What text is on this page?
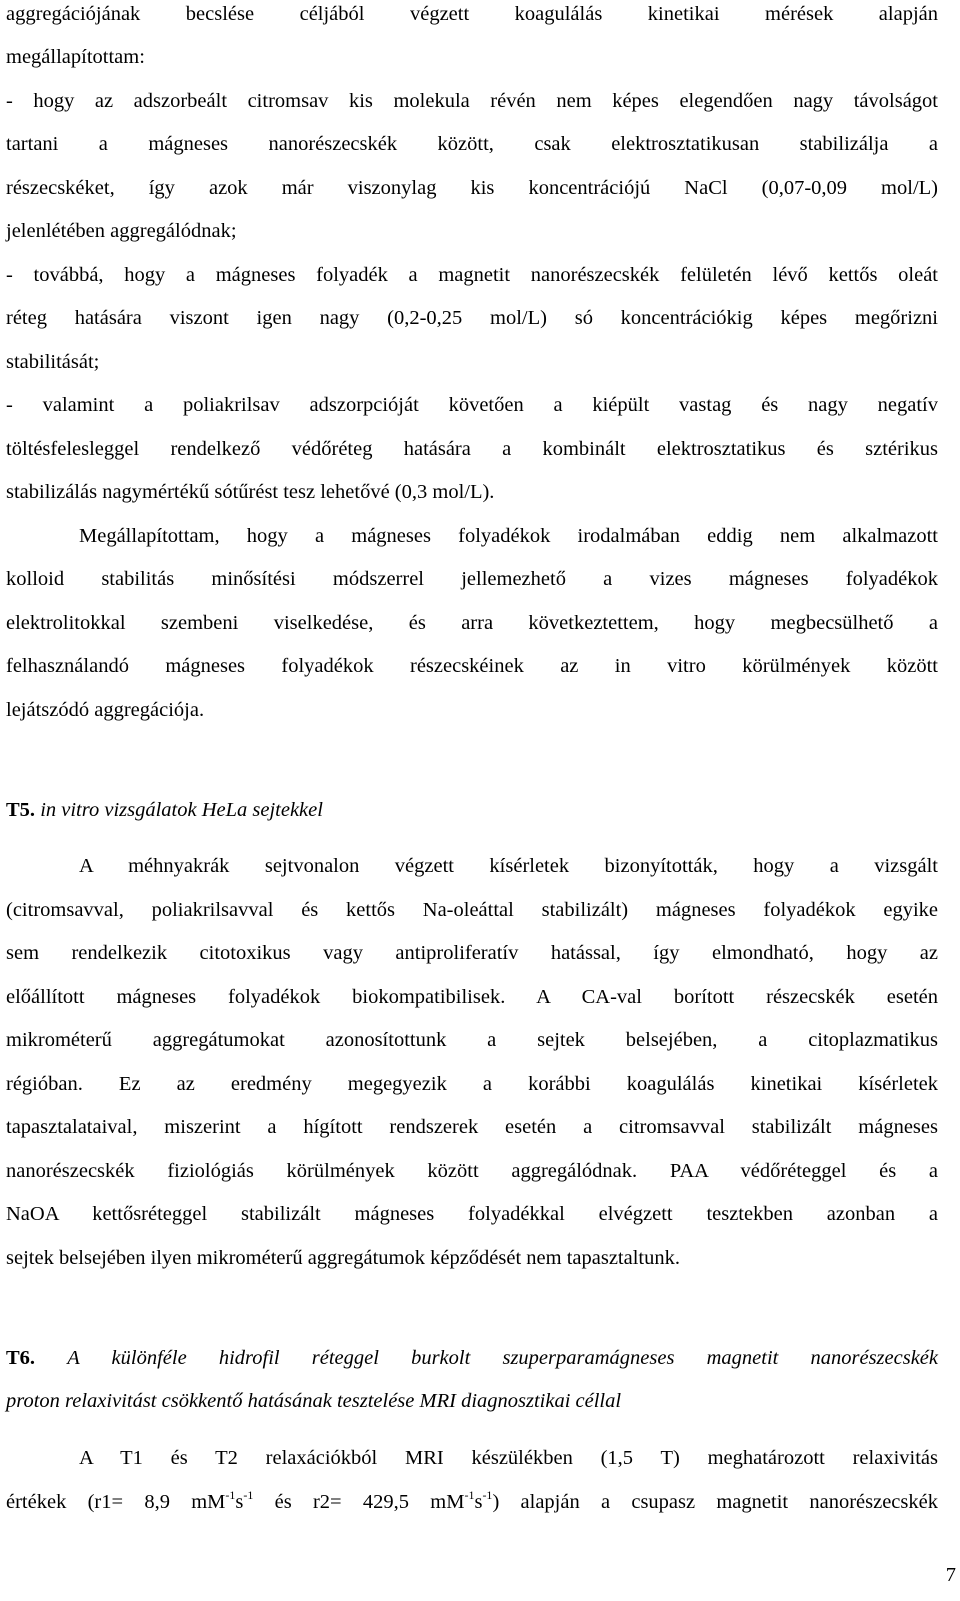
aggregációjának becslése céljából végzett koagulálás kinetikai mérések alapján
megállapítottam:
- hogy az adszorbeált citromsav kis molekula révén nem képes elegendően nagy távolságot
tartani a mágneses nanorészecskék között, csak elektrosztatikusan stabilizálja a
részecskéket, így azok már viszonylag kis koncentrációjú NaCl (0,07-0,09 mol/L)
jelenlétében aggregálódnak;
- továbbá, hogy a mágneses folyadék a magnetit nanorészecskék felületén lévő kettős oleát
réteg hatására viszont igen nagy (0,2-0,25 mol/L) só koncentrációkig képes megőrizni
stabilitását;
- valamint a poliakrilsav adszorpcióját követően a kiépült vastag és nagy negatív
töltésfelesleggel rendelkező védőréteg hatására a kombinált elektrosztatikus és sztérikus
stabilizálás nagymértékű sótűrést tesz lehetővé (0,3 mol/L).
Megállapítottam, hogy a mágneses folyadékok irodalmában eddig nem alkalmazott
kolloid stabilitás minősítési módszerrel jellemezhető a vizes mágneses folyadékok
elektrolitokkal szembeni viselkedése, és arra következtettem, hogy megbecsülhető a
felhasználandó mágneses folyadékok részecskéinek az in vitro körülmények között
lejátszódó aggregációja.
T5. in vitro vizsgálatok HeLa sejtekkel
A méhnyakrák sejtvonalon végzett kísérletek bizonyították, hogy a vizsgált
(citromsavval, poliakrilsavval és kettős Na-oleáttal stabilizált) mágneses folyadékok egyike
sem rendelkezik citotoxikus vagy antiproliferatív hatással, így elmondható, hogy az
előállított mágneses folyadékok biokompatibilisek. A CA-val borított részecskék esetén
mikrométerű aggregátumokat azonosítottunk a sejtek belsejében, a citoplazmatikus
régióban. Ez az eredmény megegyezik a korábbi koagulálás kinetikai kísérletek
tapasztalataival, miszerint a hígított rendszerek esetén a citromsavval stabilizált mágneses
nanorészecskék fiziológiás körülmények között aggregálódnak. PAA védőréteggel és a
NaOA kettősréteggel stabilizált mágneses folyadékkal elvégzett tesztekben azonban a
sejtek belsejében ilyen mikrométerű aggregátumok képződését nem tapasztaltunk.
T6. A különféle hidrofil réteggel burkolt szuperparamágneses magnetit nanorészecskék
proton relaxivitást csökkentő hatásának tesztelése MRI diagnosztikai céllal
A T1 és T2 relaxációkból MRI készülékben (1,5 T) meghatározott relaxivitás
értékek (r1= 8,9 $mM^{-1}s^{-1}$ és r2= 429,5 $mM^{-1}s^{-1}$) alapján a csupasz magnetit nanorészecskék
7
